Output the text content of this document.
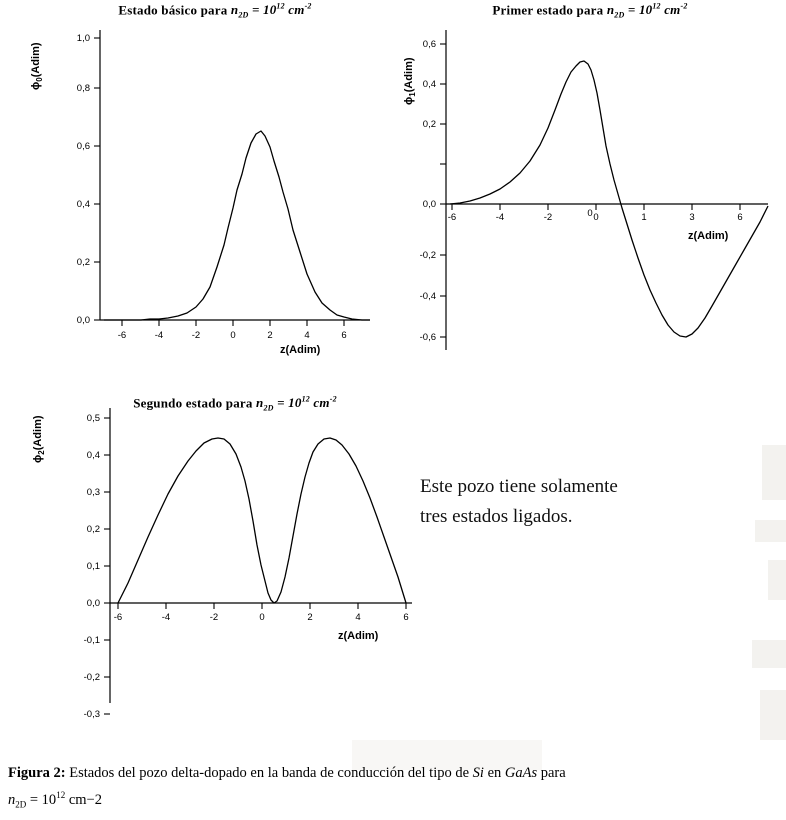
Estado básico para $n_{2D} = 10^{12}$ $cm^{-2}$
ɸ$_0$(Adim)
z(Adim)
0,0
0,2
0,4
0,6
0,8
1,0
-6	-4	-2	0	2	4	6
Primer estado para $n_{2D} = 10^{12}$ $cm^{-2}$
ɸ$_1$(Adim)
z(Adim)
0,6
0,4
0,2
0,0
-0,2
-0,4
-0,6
-6	-4	-2	0	1	3	6
0
Segundo estado para $n_{2D} = 10^{12}$ $cm^{-2}$
ɸ$_2$(Adim)
z(Adim)
0,5
0,4
0,3
0,2
0,1
0,0
-0,1
-0,2
-0,3
-6	-4	-2	0	2	4	6
Este pozo tiene solamente
tres estados ligados.
Figura 2: Estados del pozo delta-dopado en la banda de conducción del tipo de Si en GaAs para
$n_{2D} = 10^{12}$ cm−2
